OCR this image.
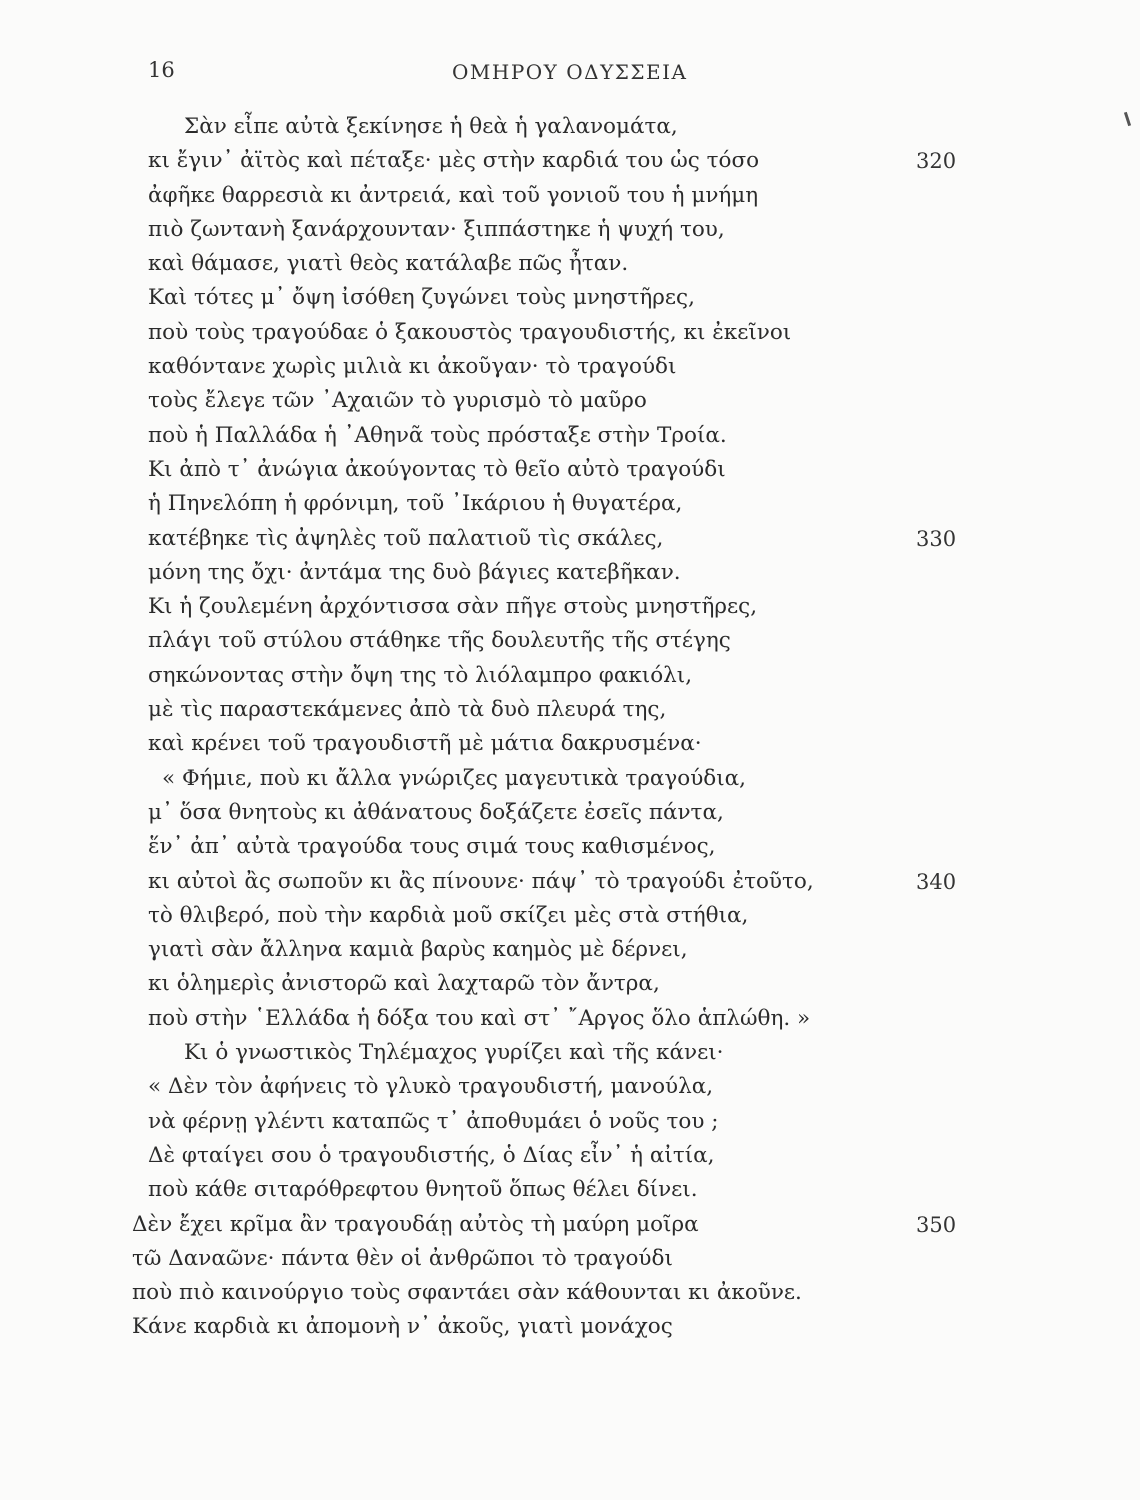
16	ΟΜΗΡΟΥ ΟΔΥΣΣΕΙΑ
Σὰν εἶπε αὐτὰ ξεκίνησε ἡ θεὰ ἡ γαλανομάτα,
κι ἔγιν᾿ ἀϊτὸς καὶ πέταξε· μὲς στὴν καρδιά του ὡς τόσο	320
ἀφῆκε θαρρεσιὰ κι ἀντρειά, καὶ τοῦ γονιοῦ του ἡ μνήμη
πιὸ ζωντανὴ ξανάρχουνταν· ξιππάστηκε ἡ ψυχή του,
καὶ θάμασε, γιατὶ θεὸς κατάλαβε πῶς ἦταν.
Καὶ τότες μ᾿ ὄψη ἰσόθεη ζυγώνει τοὺς μνηστῆρες,
ποὺ τοὺς τραγούδαε ὁ ξακουστὸς τραγουδιστής, κι ἐκεῖνοι
καθόντανε χωρὶς μιλιὰ κι ἀκοῦγαν· τὸ τραγούδι
τοὺς ἔλεγε τῶν ᾿Αχαιῶν τὸ γυρισμὸ τὸ μαῦρο
ποὺ ἡ Παλλάδα ἡ ᾿Αθηνᾶ τοὺς πρόσταξε στὴν Τροία.
Κι ἀπὸ τ᾿ ἀνώγια ἀκούγοντας τὸ θεῖο αὐτὸ τραγούδι
ἡ Πηνελόπη ἡ φρόνιμη, τοῦ ᾿Ικάριου ἡ θυγατέρα,
κατέβηκε τὶς ἀψηλὲς τοῦ παλατιοῦ τὶς σκάλες,	330
μόνη της ὄχι· ἀντάμα της δυὸ βάγιες κατεβῆκαν.
Κι ἡ ζουλεμένη ἀρχόντισσα σὰν πῆγε στοὺς μνηστῆρες,
πλάγι τοῦ στύλου στάθηκε τῆς δουλευτῆς τῆς στέγης
σηκώνοντας στὴν ὄψη της τὸ λιόλαμπρο φακιόλι,
μὲ τὶς παραστεκάμενες ἀπὸ τὰ δυὸ πλευρά της,
καὶ κρένει τοῦ τραγουδιστῆ μὲ μάτια δακρυσμένα·
« Φήμιε, ποὺ κι ἄλλα γνώριζες μαγευτικὰ τραγούδια,
μ᾿ ὅσα θνητοὺς κι ἀθάνατους δοξάζετε ἐσεῖς πάντα,
ἕν᾿ ἀπ᾿ αὐτὰ τραγούδα τους σιμά τους καθισμένος,
κι αὐτοὶ ἂς σωποῦν κι ἂς πίνουνε· πάψ᾿ τὸ τραγούδι ἐτοῦτο,	340
τὸ θλιβερό, ποὺ τὴν καρδιὰ μοῦ σκίζει μὲς στὰ στήθια,
γιατὶ σὰν ἄλληνα καμιὰ βαρὺς καημὸς μὲ δέρνει,
κι ὁλημερὶς ἀνιστορῶ καὶ λαχταρῶ τὸν ἄντρα,
ποὺ στὴν ῾Ελλάδα ἡ δόξα του καὶ στ᾿ ῎Αργος ὅλο ἁπλώθη. »
Κι ὁ γνωστικὸς Τηλέμαχος γυρίζει καὶ τῆς κάνει·
« Δὲν τὸν ἀφήνεις τὸ γλυκὸ τραγουδιστή, μανούλα,
νὰ φέρνῃ γλέντι καταπῶς τ᾿ ἀποθυμάει ὁ νοῦς του ;
Δὲ φταίγει σου ὁ τραγουδιστής, ὁ Δίας εἶν᾿ ἡ αἰτία,
ποὺ κάθε σιταρόθρεφτου θνητοῦ ὅπως θέλει δίνει.
Δὲν ἔχει κρῖμα ἂν τραγουδάῃ αὐτὸς τὴ μαύρη μοῖρα	350
τῶ Δαναῶνε· πάντα θὲν οἱ ἀνθρῶποι τὸ τραγούδι
ποὺ πιὸ καινούργιο τοὺς σφαντάει σὰν κάθουνται κι ἀκοῦνε.
Κάνε καρδιὰ κι ἀπομονὴ ν᾿ ἀκοῦς, γιατὶ μονάχος
